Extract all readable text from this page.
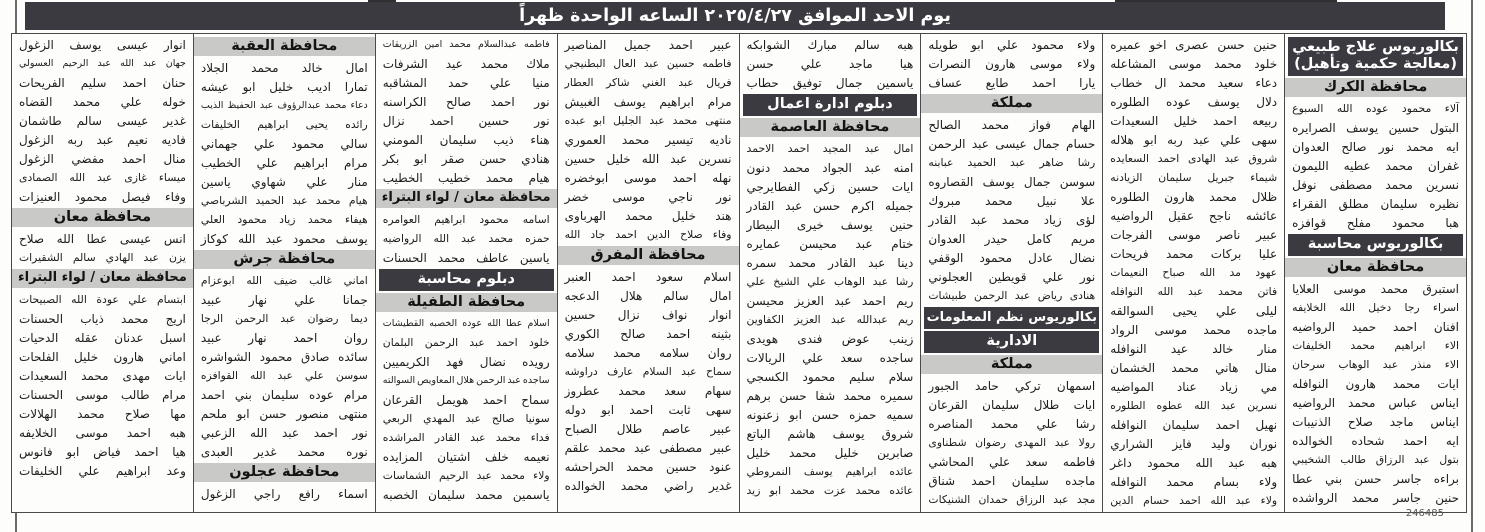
يوم الاحد الموافق ٢٠٢٥/٤/٢٧ الساعه الواحدة ظهراً
بكالوريوس علاج طبيعي
(معالجة حكمية وتأهيل)
محافظة الكرك
آلاء
محمود
عوده
الله
السبوع
البتول
حسين
يوسف
الصرايره
ايه
محمد
نور
صالح
العدوان
غفران
محمد
عطيه
الليمون
نسرين
محمد
مصطفى
نوفل
نظيره
سليمان
مطلق
الفقراء
هبا
محمود
مفلح
قوافزه
بكالوريوس محاسبة
محافظة معان
استبرق
محمد
موسى
العلايا
اسراء
رجا
دخيل
الله
الخلايفه
افنان
احمد
حميد
الرواضيه
الاء
ابراهيم
محمد
الخليفات
الاء
منذر
عبد
الوهاب
سرحان
ايات
محمد
هارون
النوافله
ايناس
عباس
محمد
الرواضيه
ايناس
ماجد
صلاح
الذنيبات
ايه
احمد
شحاده
الخوالده
بتول
عبد
الرزاق
طالب
الشخيبي
براءه
جاسر
حسن
بني
عطا
حنين
جاسر
محمد
الرواشده
246485
حنين
حسن
عصرى
اخو
عميره
خلود
محمد
موسى
المشاعله
دعاء
سعيد
محمد
ال
خطاب
دلال
يوسف
عوده
الطلوره
ربيعه
احمد
خليل
السعيدات
سهى
علي
عبد
ربه
ابو
هلاله
شروق
عبد
الهادى
احمد
السعايده
شيماء
جبريل
سليمان
الزيادنه
ظلال
محمد
هارون
الطلوره
عائشه
ناجح
عقيل
الرواضيه
عبير
ناصر
موسى
الفرجات
عليا
بركات
محمد
فريحات
عهود
مد
الله
صباح
النعيمات
فاتن
محمد
عبد
الله
النوافله
ليلى
علي
يحيى
السوالقه
ماجده
محمد
موسى
الرواد
منار
خالد
عيد
النوافله
منال
هاني
محمد
الخشمان
مي
زياد
عناد
المواضيه
نسرين
عبد
الله
عطوه
الطلوره
نهيل
احمد
سليمان
النوافله
نوران
وليد
فايز
الشراري
هبه
عبد
الله
محمود
داغر
ولاء
بسام
محمد
النوافله
ولاء
عبد
الله
احمد
حسام
الدين
ولاء
محمود
علي
ابو
طويله
ولاء
موسى
هارون
النصرات
يارا
احمد
طايع
عساف
مملكة
الهام
فواز
محمد
الصالح
حسام
جمال
عيسى
عبد
الرحمن
رشا
ضاهر
عبد
الحميد
عبابنه
سوسن
جمال
يوسف
القصاروه
علا
نبيل
محمد
مبروك
لؤى
زياد
محمد
عبد
القادر
مريم
كامل
حيدر
العدوان
نضال
عادل
محمود
الوقفي
نور
علي
قويطين
العجلوني
هنادى
رياض
عبد
الرحمن
طبيشات
بكالوريوس نظم المعلومات
الادارية
مملكة
اسمهان
تركي
حامد
الجبور
ايات
طلال
سليمان
القرعان
رشا
علي
محمد
المناصره
رولا
عبد
المهدى
رضوان
شطناوى
فاطمه
سعد
علي
المحاشي
ماجده
سليمان
احمد
شناق
مجد
عبد
الرزاق
حمدان
الشنيكات
هبه
سالم
مبارك
الشوابكه
هيا
ماجد
علي
حسن
ياسمين
جمال
توفيق
حطاب
دبلوم ادارة اعمال
محافظة العاصمة
امال
عبد
المجيد
احمد
الاحمد
امنه
عبد
الجواد
محمد
دنون
ايات
حسين
زكي
الفطايرجي
جميله
اكرم
حسن
عبد
القادر
حنين
يوسف
خيرى
البيطار
ختام
عبد
محيسن
عمايره
دينا
عبد
القادر
محمد
سمره
رشا
عبد
الوهاب
علي
الشيخ
علي
ريم
احمد
عبد
العزيز
محيسن
ريم
عبدالله
عبد
العزيز
الكفاوين
زينب
عوض
فندى
هويدى
ساجده
سعد
علي
الريالات
سلام
سليم
محمود
الكسجي
سميره
محمد
شفا
حسن
برهم
سميه
حمزه
حسن
ابو
زعنونه
شروق
يوسف
هاشم
الباتع
صابرين
خليل
محمد
خليل
عائده
ابراهيم
يوسف
النمروطي
عائده
محمد
عزت
محمد
ابو
زيد
عبير
احمد
جميل
المناصير
فاطمه
حسين
عبد
العال
البطنيجي
فريال
عبد
الغني
شاكر
العطار
مرام
ابراهيم
يوسف
الغبيش
منتهى
محمد
عبد
الجليل
ابو
عبده
ناديه
تيسير
محمد
العموري
نسرين
عبد
الله
خليل
حسين
نهله
احمد
موسى
ابوخضره
نور
ناجي
موسى
خضر
هند
خليل
محمد
الهرباوى
وفاء
صلاح
الدين
احمد
جاد
الله
محافظة المفرق
اسلام
سعود
احمد
العنبر
امال
سالم
هلال
الدعجه
انوار
نواف
نزال
حسين
بثينه
احمد
صالح
الكوري
روان
سلامه
محمد
سلامه
سماح
عبد
السلام
عارف
دراوشه
سهام
سعد
محمد
عطروز
سهى
ثابت
احمد
ابو
دوله
عبير
عاصم
طلال
الصباح
عبير
مصطفى
عبد
محمد
علقم
عنود
حسين
محمد
الحراحشه
غدير
راضي
محمد
الخوالده
فاطمه
عبدالسلام
محمد
امين
الزريقات
ملاك
محمد
عيد
الشرفات
منيا
علي
حمد
المشاقبه
نور
احمد
صالح
الكراسنه
نور
حسين
احمد
نزال
هناء
ذيب
سليمان
المومني
هنادي
حسن
صقر
ابو
بكر
هيام
محمد
خطيب
الخطيب
محافظة معان / لواء البتراء
اسامه
محمود
ابراهيم
العوامره
حمزه
محمد
عبد
الله
الرواضيه
ياسين
عاطف
محمد
الحسنات
دبلوم محاسبة
محافظة الطفيلة
اسلام
عطا
الله
عوده
الخصبه
القطيشات
خلود
احمد
عبد
الرحمن
البلمان
رويده
نضال
فهد
الكريميين
ساجده
عبد
الرحمن
هلال
المعاويص
السوالته
سماح
احمد
هويمل
القرعان
سونيا
صالح
عبد
المهدي
الربعي
فداء
محمد
عبد
القادر
المراشده
نعيمه
خلف
اشتيان
المزايده
ولاء
محمد
عبد
الرحيم
الشماسات
ياسمين
محمد
سليمان
الخصبه
محافظة العقبة
امال
خالد
محمد
الجلاد
تمارا
اديب
خليل
ابو
عيشه
دعاء
محمد
عبدالرؤوف
عبد
الحفيظ
الذيب
رائده
يحيى
ابراهيم
الخليفات
سالي
محمود
علي
جهماني
مرام
ابراهيم
علي
الخطيب
منار
علي
شهاوي
ياسين
هيام
محمد
عبد
الحميد
الشرباصي
هيفاء
محمد
زياد
محمود
العلي
يوسف
محمود
عبد
الله
كوكاز
محافظة جرش
اماني
غالب
ضيف
الله
ابوعزام
جمانا
علي
نهار
عبيد
ديما
رضوان
عبد
الرحمن
الرجا
روان
احمد
نهار
عبيد
سائده
صادق
محمود
الشواشره
سوسن
علي
عبد
الله
القوافزه
مرام
عوده
سليمان
بني
احمد
منتهى
منصور
حسن
ابو
ملحم
نور
احمد
عبد
الله
الزعبي
نوره
محمد
غدير
العبدى
محافظة عجلون
اسماء
رافع
راجي
الزغول
انوار
عيسى
يوسف
الزغول
جهان
عبد
الله
عبد
الرحيم
العسولي
حنان
احمد
سليم
الفريحات
خوله
علي
محمد
القضاه
غدير
عيسى
سالم
طاشمان
فاديه
نعيم
عبد
ربه
الزغول
منال
احمد
مفضي
الزغول
ميساء
غازى
عبد
الله
الصمادى
وفاء
فيصل
محمود
العنيزات
محافظة معان
انس
عيسى
عطا
الله
صلاح
يزن
عبد
الهادي
سالم
الشقيرات
محافظة معان / لواء البتراء
ابتسام
علي
عودة
الله
الصبيحات
اريج
محمد
ذياب
الحسنات
اسبل
عدنان
عقله
الدحيات
اماني
هارون
خليل
الفلحات
ايات
مهدى
محمد
السعيدات
مرام
طالب
موسى
الحسنات
مها
صلاح
محمد
الهلالات
هبه
احمد
موسى
الخلايفه
هيا
احمد
فياض
ابو
فانوس
وعد
ابراهيم
علي
الخليفات
